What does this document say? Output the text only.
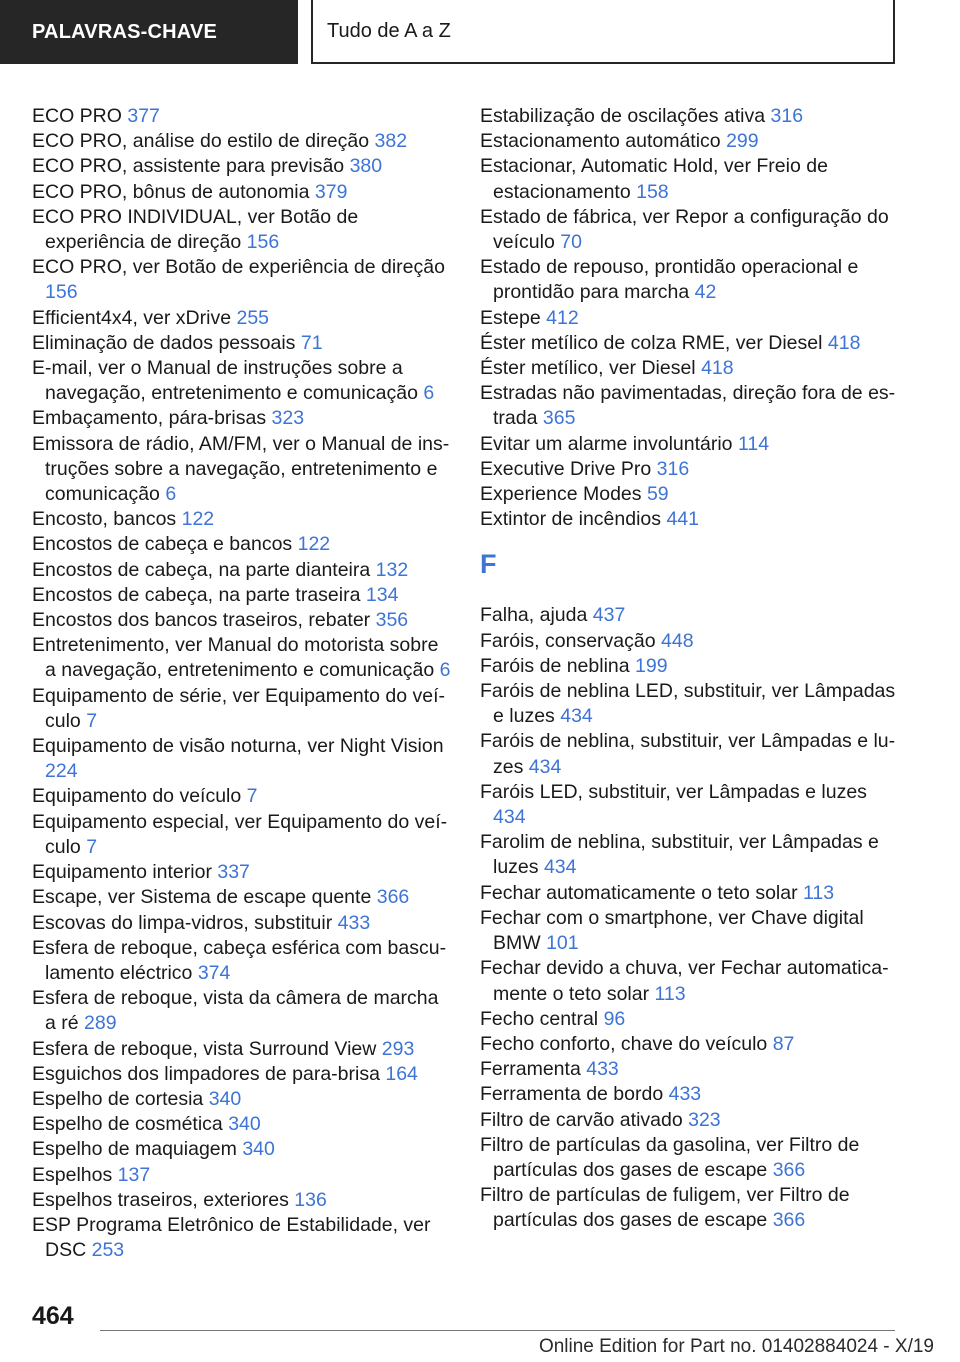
PALAVRAS-CHAVE	Tudo de A a Z
ECO PRO 377
ECO PRO, análise do estilo de direção 382
ECO PRO, assistente para previsão 380
ECO PRO, bônus de autonomia 379
ECO PRO INDIVIDUAL, ver Botão de experiência de direção 156
ECO PRO, ver Botão de experiência de direção 156
Efficient4x4, ver xDrive 255
Eliminação de dados pessoais 71
E-mail, ver o Manual de instruções sobre a navegação, entretenimento e comunicação 6
Embaçamento, pára-brisas 323
Emissora de rádio, AM/FM, ver o Manual de instruções sobre a navegação, entretenimento e comunicação 6
Encosto, bancos 122
Encostos de cabeça e bancos 122
Encostos de cabeça, na parte dianteira 132
Encostos de cabeça, na parte traseira 134
Encostos dos bancos traseiros, rebater 356
Entretenimento, ver Manual do motorista sobre a navegação, entretenimento e comunicação 6
Equipamento de série, ver Equipamento do veículo 7
Equipamento de visão noturna, ver Night Vision 224
Equipamento do veículo 7
Equipamento especial, ver Equipamento do veículo 7
Equipamento interior 337
Escape, ver Sistema de escape quente 366
Escovas do limpa-vidros, substituir 433
Esfera de reboque, cabeça esférica com basculamento eléctrico 374
Esfera de reboque, vista da câmera de marcha a ré 289
Esfera de reboque, vista Surround View 293
Esguichos dos limpadores de para-brisa 164
Espelho de cortesia 340
Espelho de cosmética 340
Espelho de maquiagem 340
Espelhos 137
Espelhos traseiros, exteriores 136
ESP Programa Eletrônico de Estabilidade, ver DSC 253
Estabilização de oscilações ativa 316
Estacionamento automático 299
Estacionar, Automatic Hold, ver Freio de estacionamento 158
Estado de fábrica, ver Repor a configuração do veículo 70
Estado de repouso, prontidão operacional e prontidão para marcha 42
Estepe 412
Éster metílico de colza RME, ver Diesel 418
Éster metílico, ver Diesel 418
Estradas não pavimentadas, direção fora de estrada 365
Evitar um alarme involuntário 114
Executive Drive Pro 316
Experience Modes 59
Extintor de incêndios 441
F
Falha, ajuda 437
Faróis, conservação 448
Faróis de neblina 199
Faróis de neblina LED, substituir, ver Lâmpadas e luzes 434
Faróis de neblina, substituir, ver Lâmpadas e luzes 434
Faróis LED, substituir, ver Lâmpadas e luzes 434
Farolim de neblina, substituir, ver Lâmpadas e luzes 434
Fechar automaticamente o teto solar 113
Fechar com o smartphone, ver Chave digital BMW 101
Fechar devido a chuva, ver Fechar automaticamente o teto solar 113
Fecho central 96
Fecho conforto, chave do veículo 87
Ferramenta 433
Ferramenta de bordo 433
Filtro de carvão ativado 323
Filtro de partículas da gasolina, ver Filtro de partículas dos gases de escape 366
Filtro de partículas de fuligem, ver Filtro de partículas dos gases de escape 366
464
Online Edition for Part no. 01402884024 - X/19
